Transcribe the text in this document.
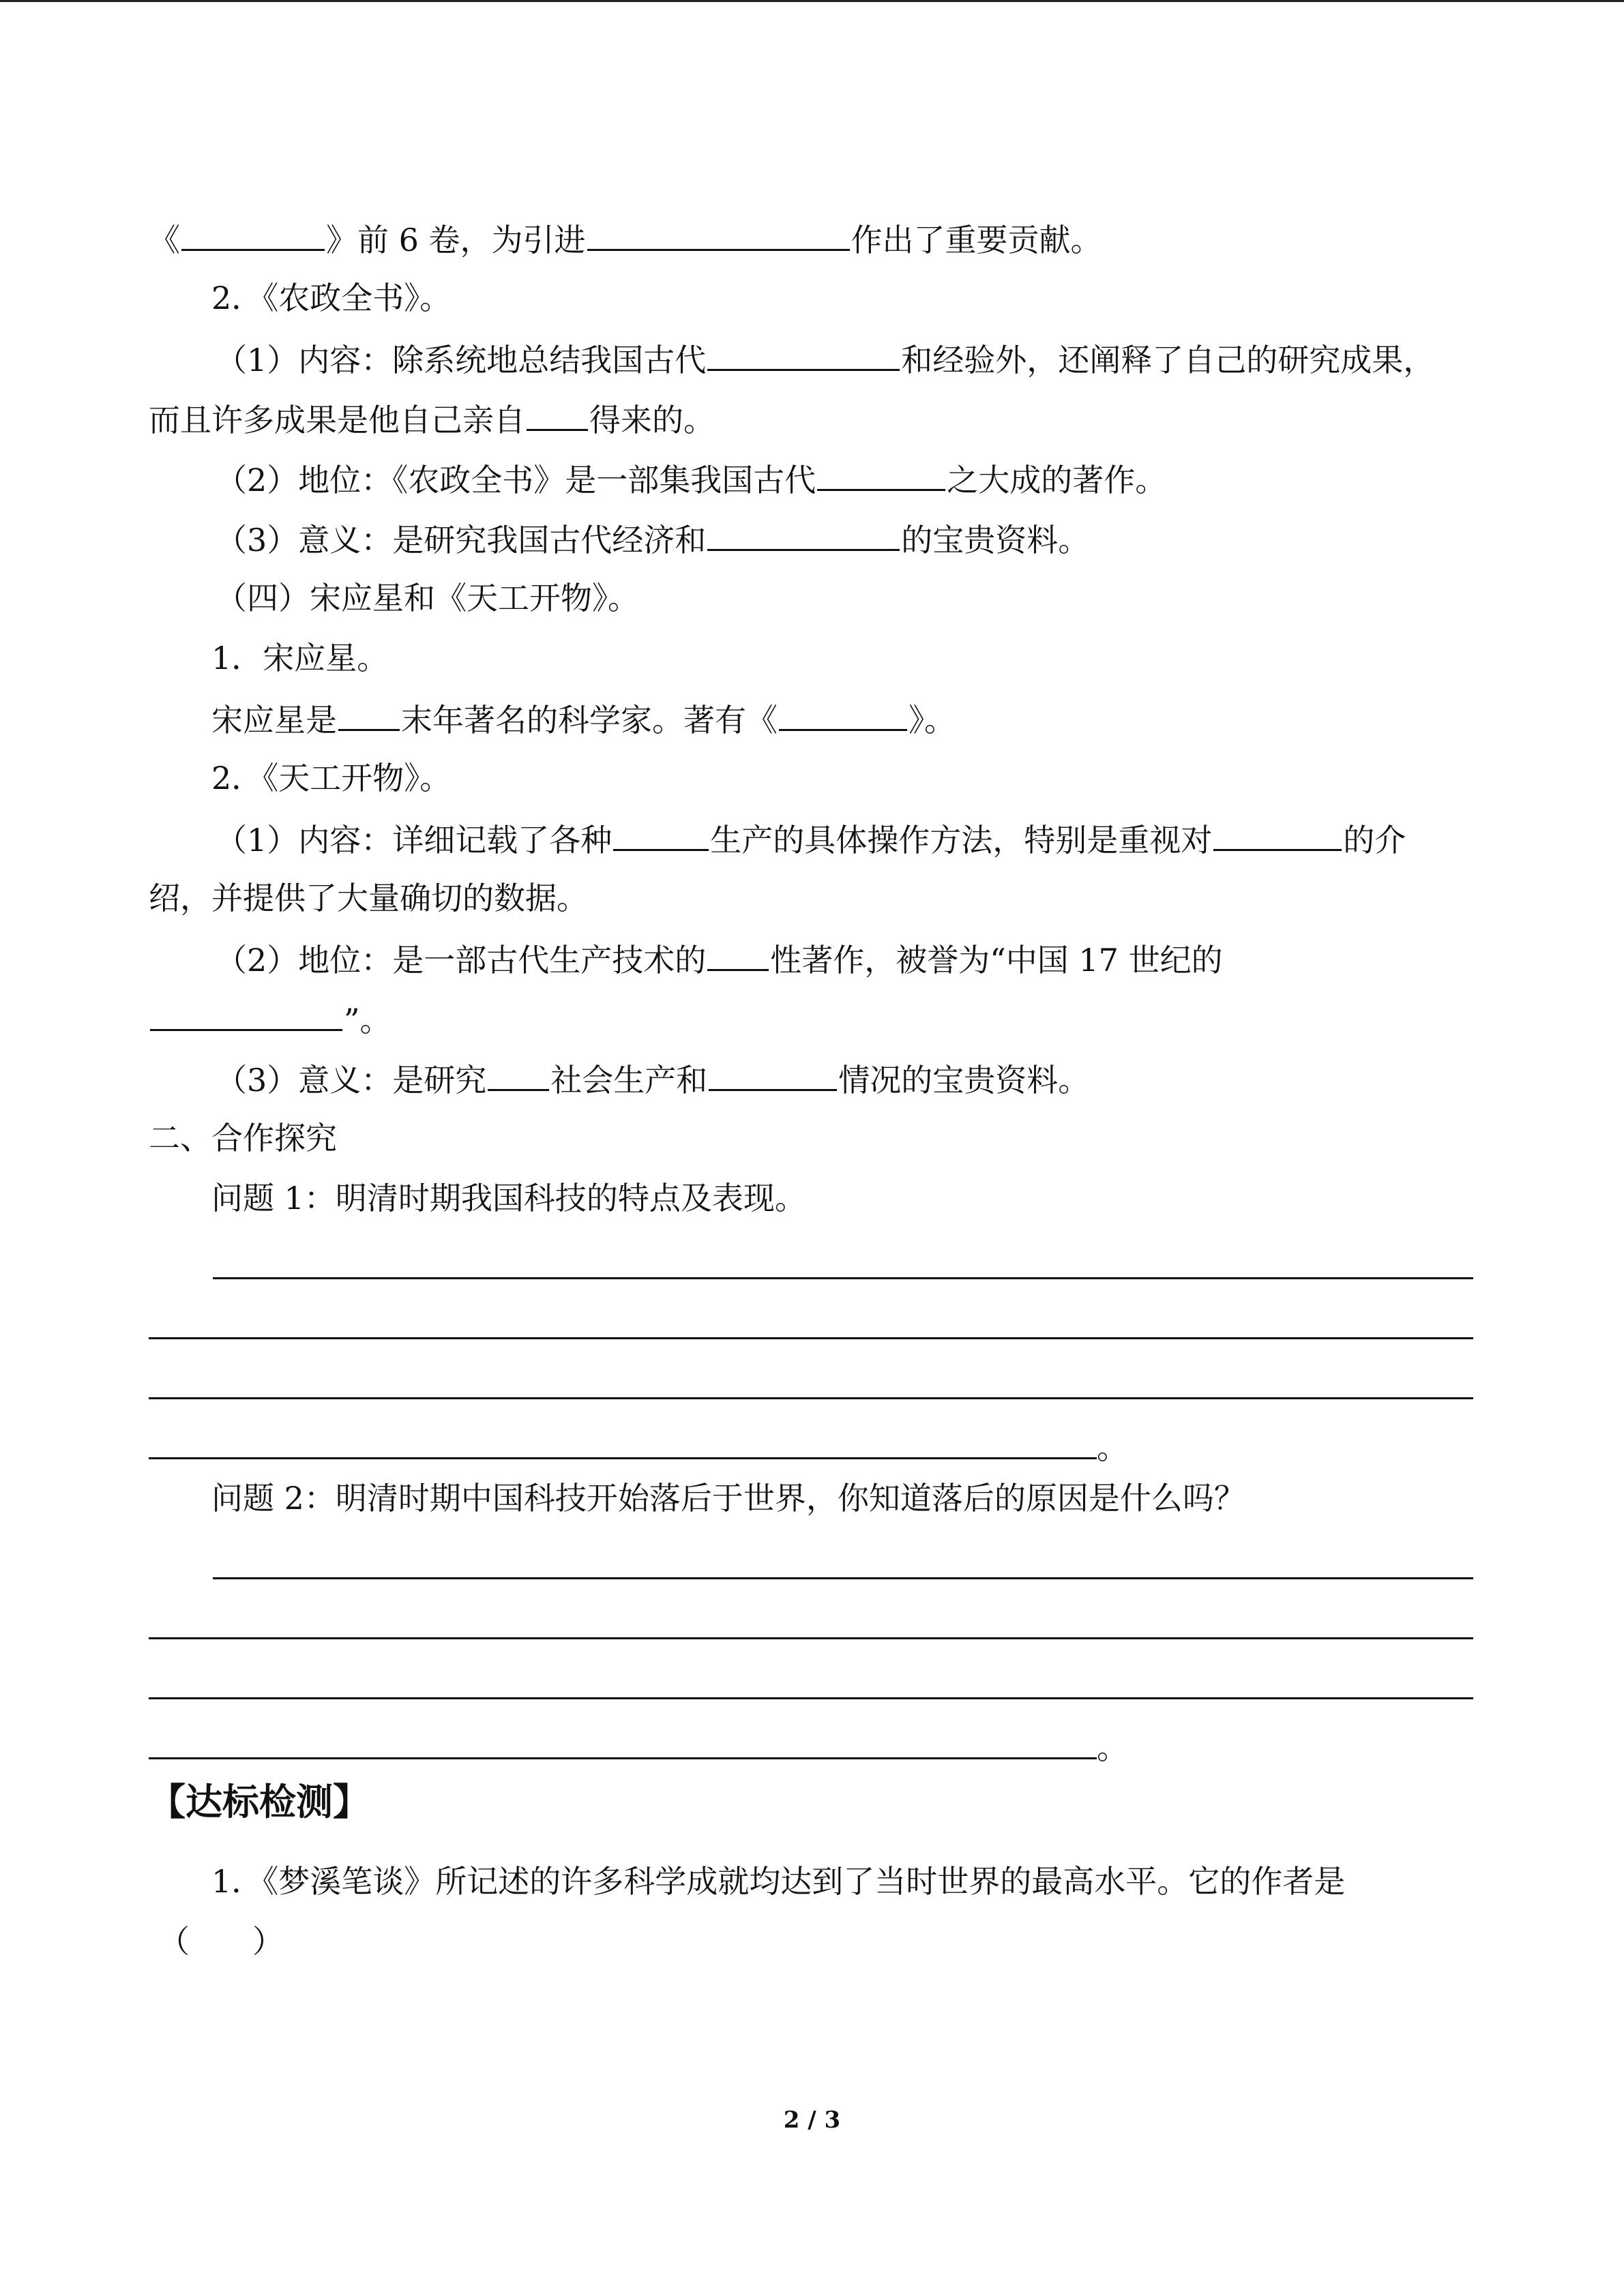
《	》前 6 卷，为引进	作出了重要贡献。
2．《农政全书》。
（1）内容：除系统地总结我国古代	和经验外，还阐释了自己的研究成果，
而且许多成果是他自己亲自 得来的。
（2）地位：《农政全书》是一部集我国古代	之大成的著作。
（3）意义：是研究我国古代经济和	的宝贵资料。
（四）宋应星和《天工开物》。
1．宋应星。
宋应星是 末年著名的科学家。著有《	》。
2．《天工开物》。
（1）内容：详细记载了各种	生产的具体操作方法，特别是重视对	的介
绍，并提供了大量确切的数据。
（2）地位：是一部古代生产技术的 性著作，被誉为“中国 17 世纪的
”。
（3）意义：是研究 社会生产和	情况的宝贵资料。
二、合作探究
问题 1：明清时期我国科技的特点及表现。
。
问题 2：明清时期中国科技开始落后于世界，你知道落后的原因是什么吗？
。
【达标检测】
1．《梦溪笔谈》所记述的许多科学成就均达到了当时世界的最高水平。它的作者是
（　　）
2 / 3
